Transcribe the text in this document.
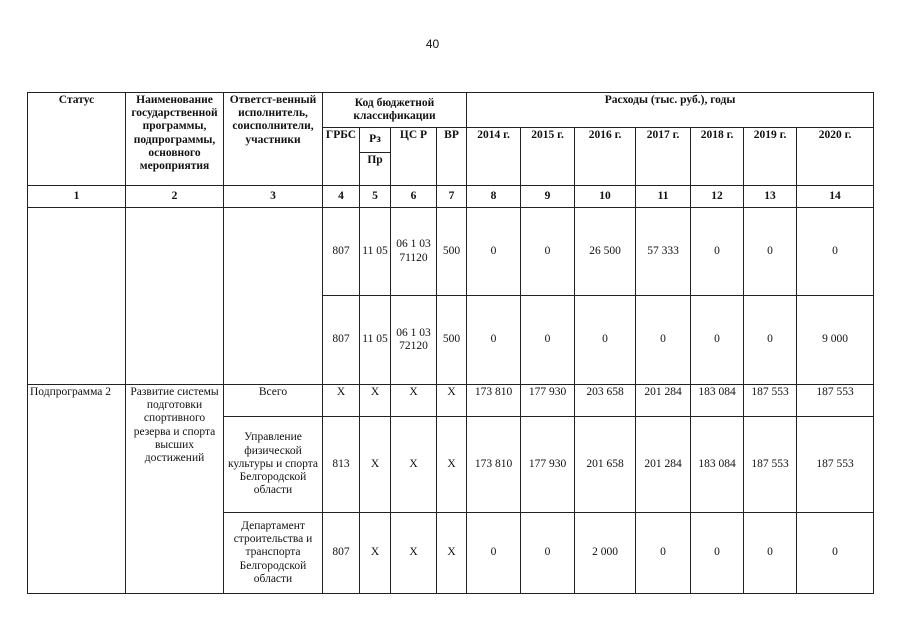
40
Статус	Наименование государственной программы, подпрограммы, основного мероприятия	Ответст-венный исполнитель, соисполнители, участники	Код бюджетной классификации				Расходы (тыс. руб.), годы						
			ГРБС	Рз	ЦС Р	ВР	2014 г.	2015 г.	2016 г.	2017 г.	2018 г.	2019 г.	2020 г.
				Пр									
1	2	3	4	5	6	7	8	9	10	11	12	13	14
			807	11 05	06 1 03 71120	500	0	0	26 500	57 333	0	0	0
			807	11 05	06 1 03 72120	500	0	0	0	0	0	0	9 000
Подпрограмма 2	Развитие системы подготовки спортивного резерва и спорта высших достижений	Всего	Х	Х	Х	Х	173 810	177 930	203 658	201 284	183 084	187 553	187 553
		Управление физической культуры и спорта Белгородской области	813	Х	Х	Х	173 810	177 930	201 658	201 284	183 084	187 553	187 553
		Департамент строительства и транспорта Белгородской области	807	Х	Х	Х	0	0	2 000	0	0	0	0
